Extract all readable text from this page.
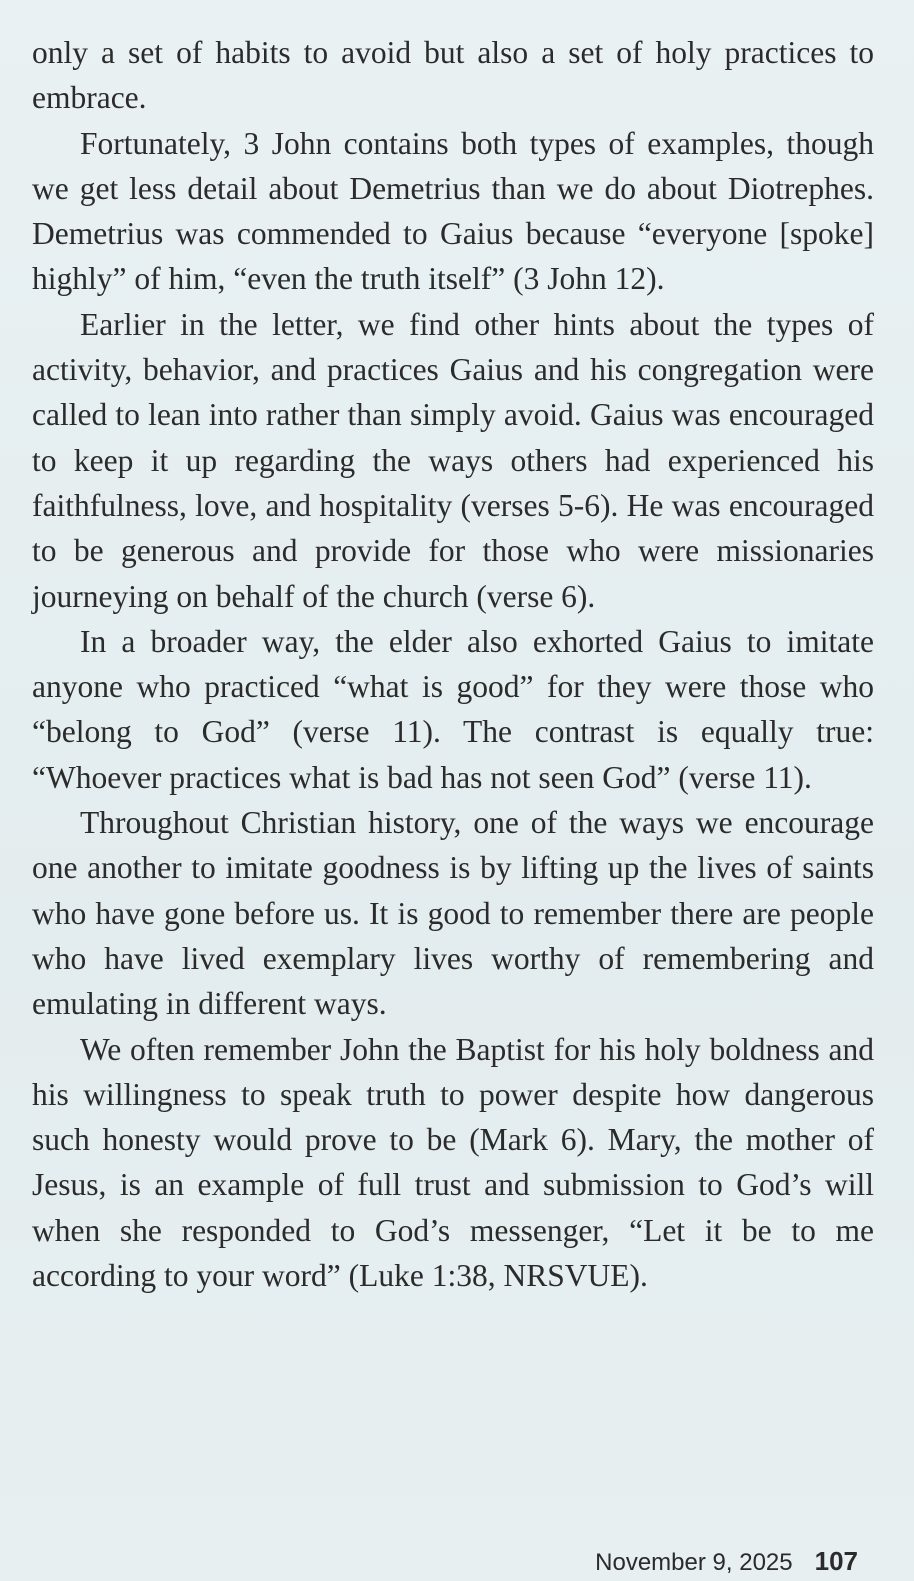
only a set of habits to avoid but also a set of holy practices to embrace.

Fortunately, 3 John contains both types of examples, though we get less detail about Demetrius than we do about Diotrephes. Demetrius was commended to Gaius because “everyone [spoke] highly” of him, “even the truth itself” (3 John 12).

Earlier in the letter, we find other hints about the types of activity, behavior, and practices Gaius and his congregation were called to lean into rather than simply avoid. Gaius was encouraged to keep it up regarding the ways others had experienced his faithfulness, love, and hospitality (verses 5-6). He was encouraged to be generous and provide for those who were missionaries journeying on behalf of the church (verse 6).

In a broader way, the elder also exhorted Gaius to imitate anyone who practiced “what is good” for they were those who “belong to God” (verse 11). The contrast is equally true: “Whoever practices what is bad has not seen God” (verse 11).

Throughout Christian history, one of the ways we encourage one another to imitate goodness is by lifting up the lives of saints who have gone before us. It is good to remember there are people who have lived exemplary lives worthy of remembering and emulating in different ways.

We often remember John the Baptist for his holy boldness and his willingness to speak truth to power despite how dangerous such honesty would prove to be (Mark 6). Mary, the mother of Jesus, is an example of full trust and submission to God’s will when she responded to God’s messenger, “Let it be to me according to your word” (Luke 1:38, NRSVUE).

November 9, 2025 107
